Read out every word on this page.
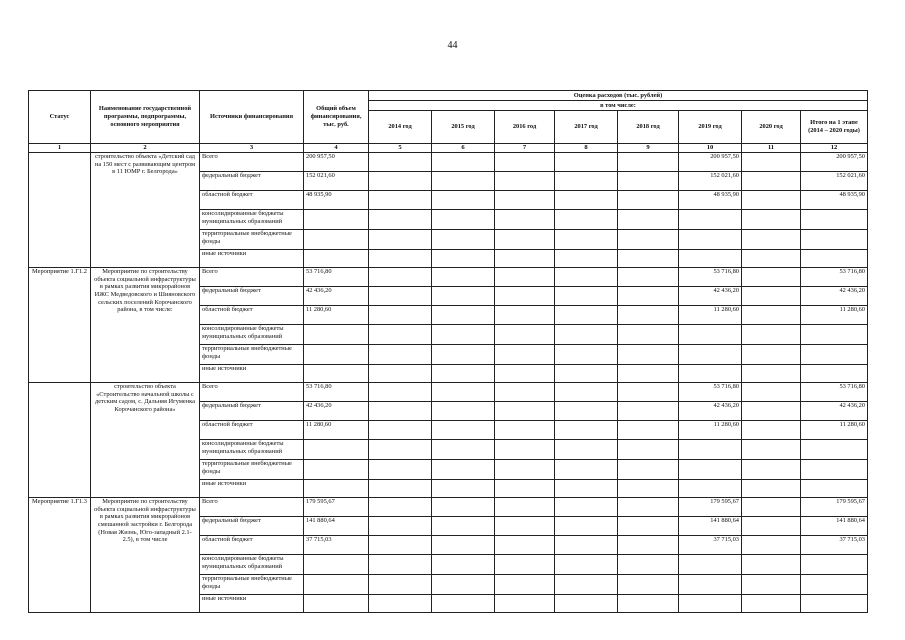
44
Статус	Наименование государственной программы, подпрограммы, основного мероприятия	Источники финансирования	Общий объем финансирования, тыс. руб.	Оценка расходов (тыс. рублей)							
				в том числе:							
				2014 год	2015 год	2016 год	2017 год	2018 год	2019 год	2020 год	Итого на 1 этапе (2014 – 2020 годы)
1	2	3	4	5	6	7	8	9	10	11	12
	строительство объекта «Детский сад на 150 мест с развивающим центром в 11 ЮМР г. Белгорода»	Всего	200 957,50						200 957,50		200 957,50
		федеральный бюджет	152 021,60						152 021,60		152 021,60
		областной бюджет	48 935,90						48 935,90		48 935,90
		консолидированные бюджеты муниципальных образований									
		территориальные внебюджетные фонды									
		иные источники									
Мероприятие 1.Г1.2	Мероприятие по строительству объекта социальной инфраструктуры в рамках развития микрорайонов ИЖС Медведовского и Шияновского сельских поселений Корочанского района, в том числе:	Всего	53 716,80						53 716,80		53 716,80
		федеральный бюджет	42 436,20						42 436,20		42 436,20
		областной бюджет	11 280,60						11 280,60		11 280,60
		консолидированные бюджеты муниципальных образований									
		территориальные внебюджетные фонды									
		иные источники									
	строительство объекта «Строительство начальной школы с детским садом, с. Дальняя Игуменка Корочанского района»	Всего	53 716,80						53 716,80		53 716,80
		федеральный бюджет	42 436,20						42 436,20		42 436,20
		областной бюджет	11 280,60						11 280,60		11 280,60
		консолидированные бюджеты муниципальных образований									
		территориальные внебюджетные фонды									
		иные источники									
Мероприятие 1.Г1.3	Мероприятие по строительству объекта социальной инфраструктуры в рамках развития микрорайонов смешанной застройки г. Белгорода (Новая Жизнь, Юго-западный 2.1-2.5), в том числе	Всего	179 595,67						179 595,67		179 595,67
		федеральный бюджет	141 880,64						141 880,64		141 880,64
		областной бюджет	37 715,03						37 715,03		37 715,03
		консолидированные бюджеты муниципальных образований									
		территориальные внебюджетные фонды									
		иные источники									
